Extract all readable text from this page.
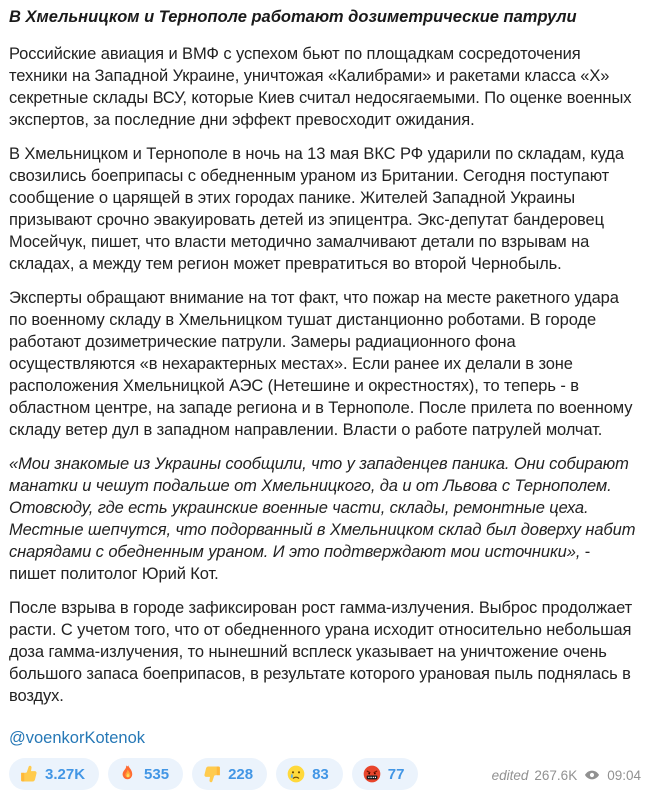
В Хмельницком и Тернополе работают дозиметрические патрули

Российские авиация и ВМФ с успехом бьют по площадкам сосредоточения техники на Западной Украине, уничтожая «Калибрами» и ракетами класса «Х» секретные склады ВСУ, которые Киев считал недосягаемыми. По оценке военных экспертов, за последние дни эффект превосходит ожидания.

В Хмельницком и Тернополе в ночь на 13 мая ВКС РФ ударили по складам, куда свозились боеприпасы с обедненным ураном из Британии. Сегодня поступают сообщение о царящей в этих городах панике. Жителей Западной Украины призывают срочно эвакуировать детей из эпицентра. Экс-депутат бандеровец Мосейчук, пишет, что власти методично замалчивают детали по взрывам на складах, а между тем регион может превратиться во второй Чернобыль.

Эксперты обращают внимание на тот факт, что пожар на месте ракетного удара по военному складу в Хмельницком тушат дистанционно роботами. В городе работают дозиметрические патрули. Замеры радиационного фона осуществляются «в нехарактерных местах». Если ранее их делали в зоне расположения Хмельницкой АЭС (Нетешине и окрестностях), то теперь - в областном центре, на западе региона и в Тернополе. После прилета по военному складу ветер дул в западном направлении. Власти о работе патрулей молчат.

«Мои знакомые из Украины сообщили, что у западенцев паника. Они собирают манатки и чешут подальше от Хмельницкого, да и от Львова с Тернополем. Отовсюду, где есть украинские военные части, склады, ремонтные цеха. Местные шепчутся, что подорванный в Хмельницком склад был доверху набит снарядами с обедненным ураном. И это подтверждают мои источники», - пишет политолог Юрий Кот.

После взрыва в городе зафиксирован рост гамма-излучения. Выброс продолжает расти. С учетом того, что от обедненного урана исходит относительно небольшая доза гамма-излучения, то нынешний всплеск указывает на уничтожение очень большого запаса боеприпасов, в результате которого урановая пыль поднялась в воздух.

@voenkorKotenok
3.27K	535	228	83	77	edited 267.6K 09:04
